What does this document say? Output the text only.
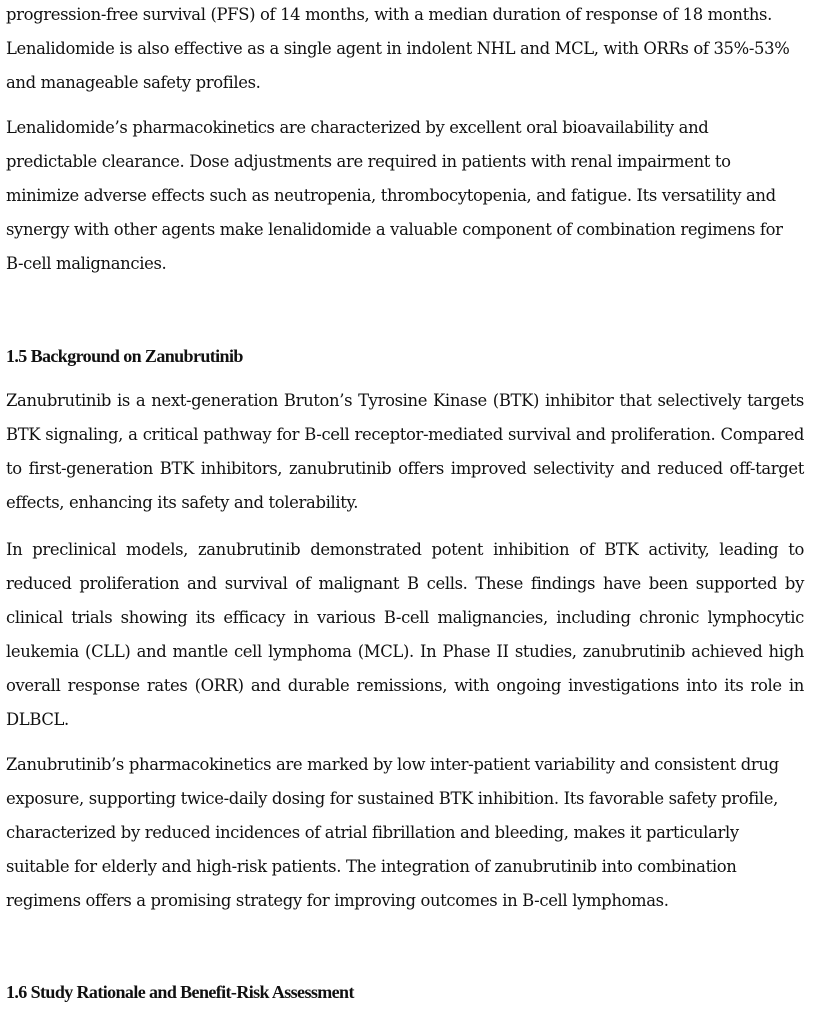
progression-free survival (PFS) of 14 months, with a median duration of response of 18 months. Lenalidomide is also effective as a single agent in indolent NHL and MCL, with ORRs of 35%-53% and manageable safety profiles.

Lenalidomide’s pharmacokinetics are characterized by excellent oral bioavailability and predictable clearance. Dose adjustments are required in patients with renal impairment to minimize adverse effects such as neutropenia, thrombocytopenia, and fatigue. Its versatility and synergy with other agents make lenalidomide a valuable component of combination regimens for B-cell malignancies.

1.5 Background on Zanubrutinib

Zanubrutinib is a next-generation Bruton’s Tyrosine Kinase (BTK) inhibitor that selectively targets BTK signaling, a critical pathway for B-cell receptor-mediated survival and proliferation. Compared to first-generation BTK inhibitors, zanubrutinib offers improved selectivity and reduced off-target effects, enhancing its safety and tolerability.

In preclinical models, zanubrutinib demonstrated potent inhibition of BTK activity, leading to reduced proliferation and survival of malignant B cells. These findings have been supported by clinical trials showing its efficacy in various B-cell malignancies, including chronic lymphocytic leukemia (CLL) and mantle cell lymphoma (MCL). In Phase II studies, zanubrutinib achieved high overall response rates (ORR) and durable remissions, with ongoing investigations into its role in DLBCL.

Zanubrutinib’s pharmacokinetics are marked by low inter-patient variability and consistent drug exposure, supporting twice-daily dosing for sustained BTK inhibition. Its favorable safety profile, characterized by reduced incidences of atrial fibrillation and bleeding, makes it particularly suitable for elderly and high-risk patients. The integration of zanubrutinib into combination regimens offers a promising strategy for improving outcomes in B-cell lymphomas.

1.6 Study Rationale and Benefit-Risk Assessment
